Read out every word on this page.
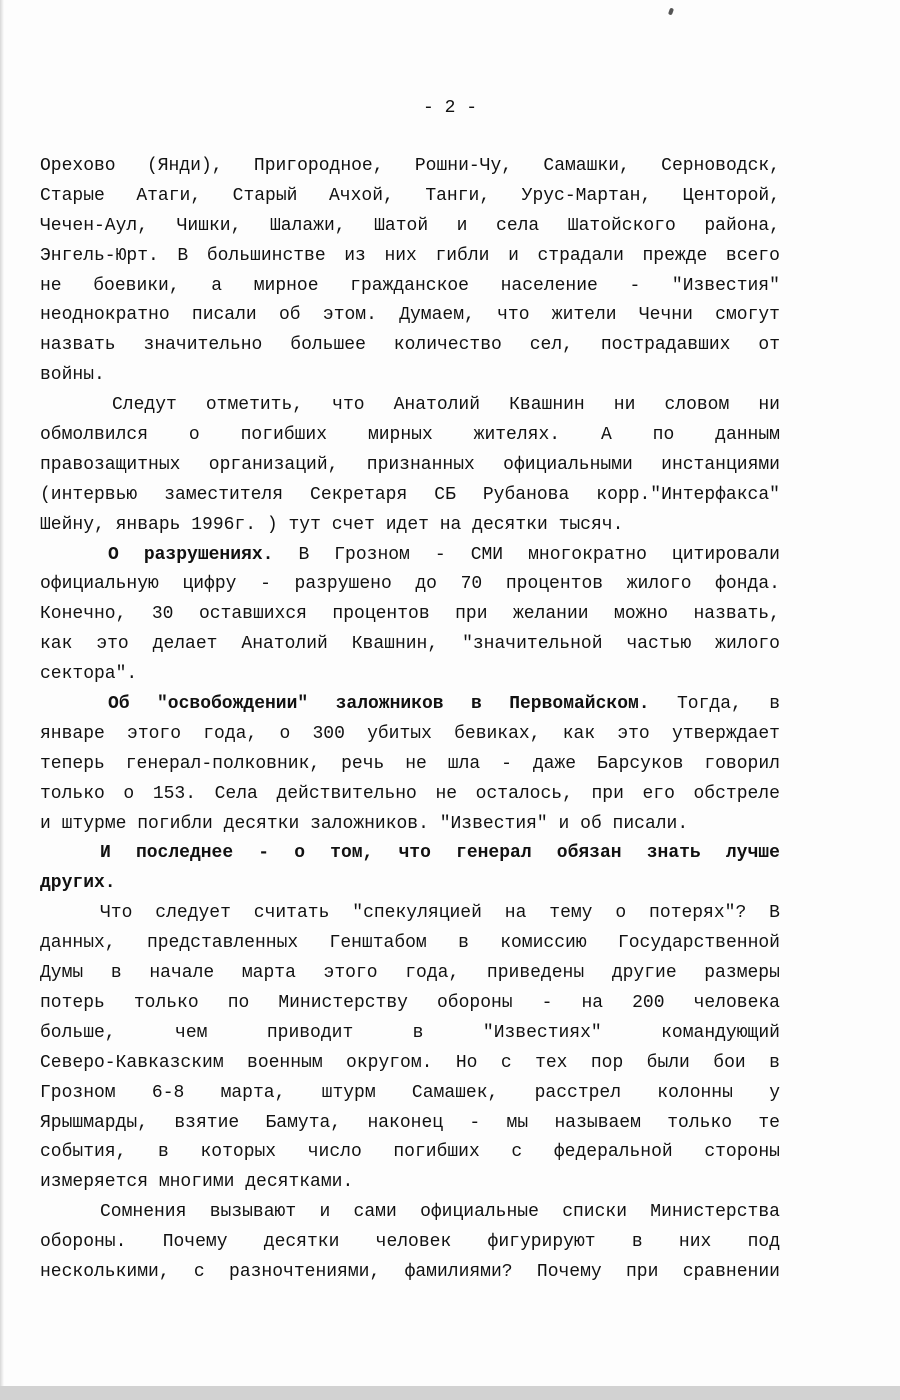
- 2 -
Орехово (Янди), Пригородное, Рошни-Чу, Самашки, Серноводск,
Старые Атаги, Старый Ачхой, Танги, Урус-Мартан, Центорой,
Чечен-Аул, Чишки, Шалажи, Шатой и села Шатойского района,
Энгель-Юрт. В большинстве из них гибли и страдали прежде всего
не боевики, а мирное гражданское население - "Известия"
неоднократно писали об этом. Думаем, что жители Чечни смогут
назвать значительно большее количество сел, пострадавших от
войны.
Следут отметить, что Анатолий Квашнин ни словом ни
обмолвился о погибших мирных жителях. А по данным
правозащитных организаций, признанных официальными инстанциями
(интервью заместителя Секретаря СБ Рубанова корр."Интерфакса"
Шейну, январь 1996г. ) тут счет идет на десятки тысяч.
О разрушениях. В Грозном - СМИ многократно цитировали
официальную цифру - разрушено до 70 процентов жилого фонда.
Конечно, 30 оставшихся процентов при желании можно назвать,
как это делает Анатолий Квашнин, "значительной частью жилого
сектора".
Об "освобождении" заложников в Первомайском. Тогда, в
январе этого года, о 300 убитых бевиках, как это утверждает
теперь генерал-полковник, речь не шла - даже Барсуков говорил
только о 153. Села действительно не осталось, при его обстреле
и штурме погибли десятки заложников. "Известия" и об писали.
И последнее - о том, что генерал обязан знать лучше
других.
Что следует считать "спекуляцией на тему о потерях"? В
данных, представленных Генштабом в комиссию Государственной
Думы в начале марта этого года, приведены другие размеры
потерь только по Министерству обороны - на 200 человека
больше,	чем	приводит	в	"Известиях"	командующий
Северо-Кавказским военным округом. Но с тех пор были бои в
Грозном 6-8 марта, штурм Самашек, расстрел колонны у
Ярышмарды, взятие Бамута, наконец - мы называем только те
события, в которых число погибших с федеральной стороны
измеряется многими десятками.
Сомнения вызывают и сами официальные списки Министерства
обороны. Почему десятки человек фигурируют в них под
несколькими, с разночтениями, фамилиями? Почему при сравнении
